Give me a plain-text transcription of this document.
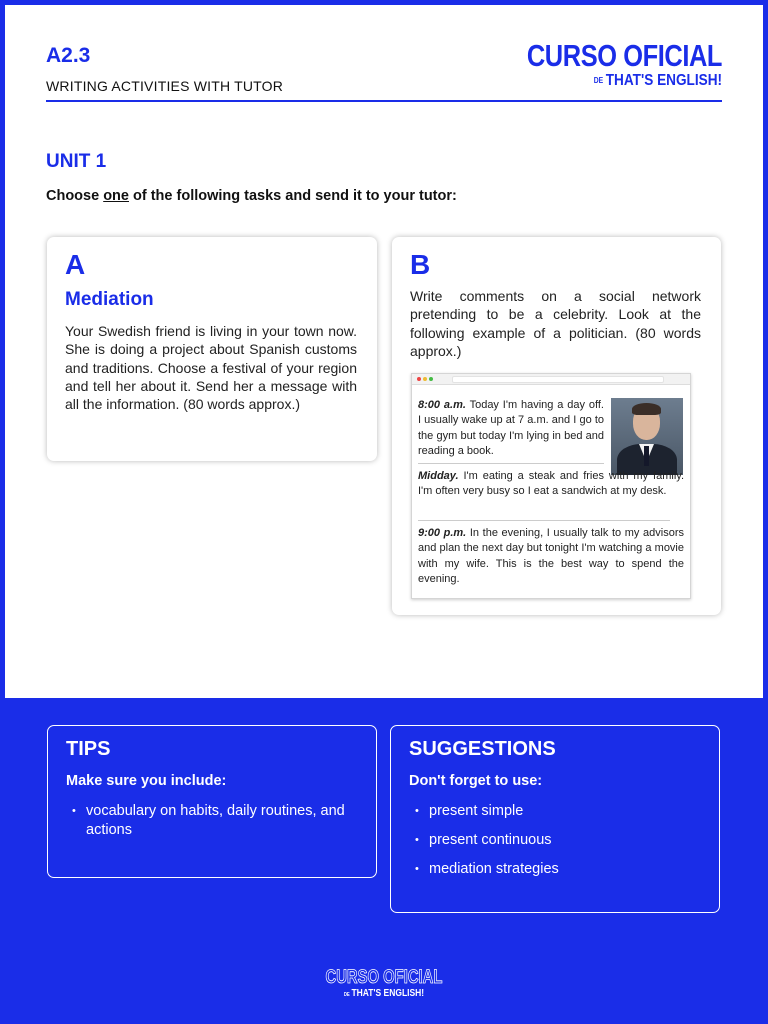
A2.3
WRITING ACTIVITIES WITH TUTOR
CURSO OFICIAL
DE THAT'S ENGLISH!
UNIT 1
Choose one of the following tasks and send it to your tutor:
A
Mediation
Your Swedish friend is living in your town now. She is doing a project about Spanish customs and traditions. Choose a festival of your region and tell her about it. Send her a message with all the information. (80 words approx.)
B
Write comments on a social network pretending to be a celebrity. Look at the following example of a politician. (80 words approx.)
8:00 a.m. Today I'm having a day off. I usually wake up at 7 a.m. and I go to the gym but today I'm lying in bed and reading a book.
Midday. I'm eating a steak and fries with my family. I'm often very busy so I eat a sandwich at my desk.
9:00 p.m. In the evening, I usually talk to my advisors and plan the next day but tonight I'm watching a movie with my wife. This is the best way to spend the evening.
TIPS
Make sure you include:
• vocabulary on habits, daily routines, and actions
SUGGESTIONS
Don't forget to use:
• present simple
• present continuous
• mediation strategies
CURSO OFICIAL
DE THAT'S ENGLISH!
